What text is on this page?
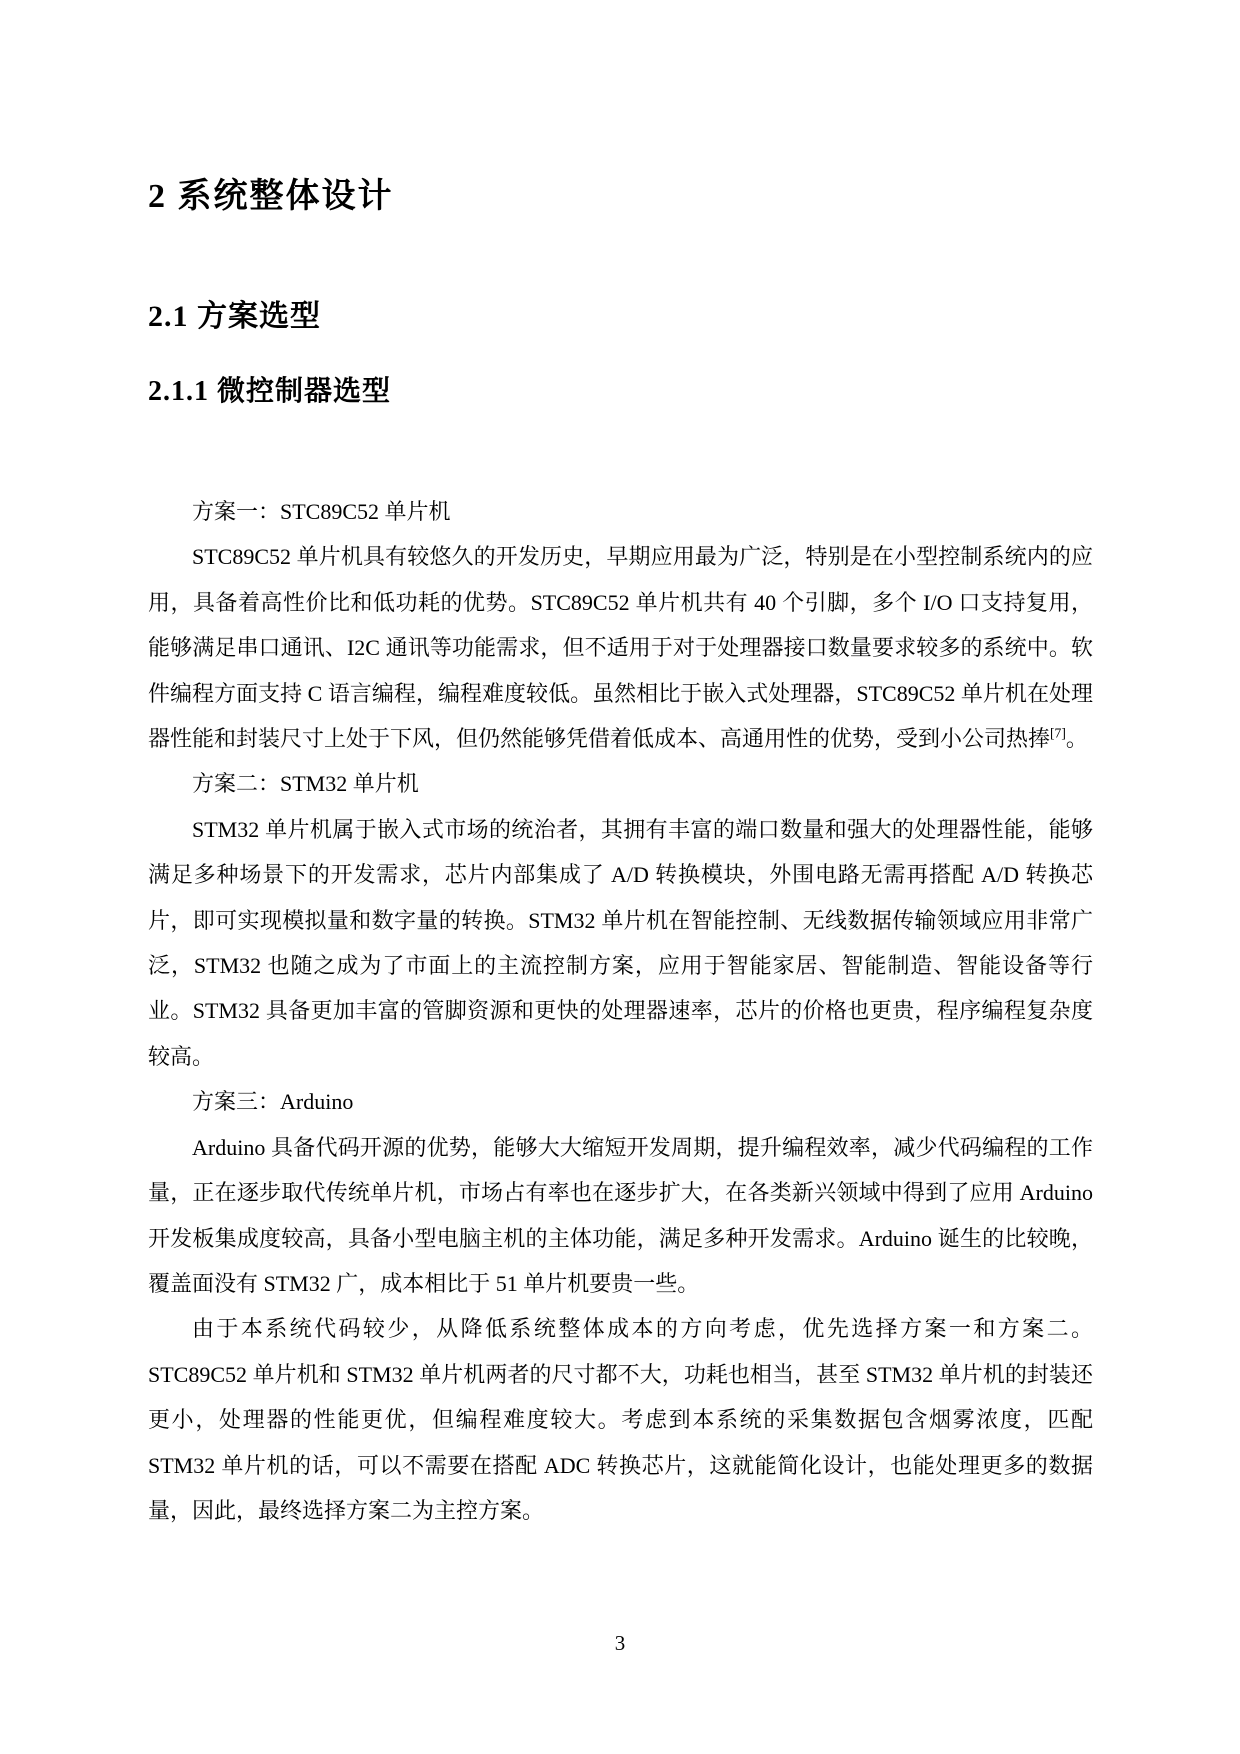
2 系统整体设计
2.1 方案选型
2.1.1 微控制器选型

方案一：STC89C52 单片机

STC89C52 单片机具有较悠久的开发历史，早期应用最为广泛，特别是在小型控制系统内的应用，具备着高性价比和低功耗的优势。STC89C52 单片机共有 40 个引脚，多个 I/O 口支持复用，能够满足串口通讯、I2C 通讯等功能需求，但不适用于对于处理器接口数量要求较多的系统中。软件编程方面支持 C 语言编程，编程难度较低。虽然相比于嵌入式处理器，STC89C52 单片机在处理器性能和封装尺寸上处于下风，但仍然能够凭借着低成本、高通用性的优势，受到小公司热捧[7]。

方案二：STM32 单片机

STM32 单片机属于嵌入式市场的统治者，其拥有丰富的端口数量和强大的处理器性能，能够满足多种场景下的开发需求，芯片内部集成了 A/D 转换模块，外围电路无需再搭配 A/D 转换芯片，即可实现模拟量和数字量的转换。STM32 单片机在智能控制、无线数据传输领域应用非常广泛，STM32 也随之成为了市面上的主流控制方案，应用于智能家居、智能制造、智能设备等行业。STM32 具备更加丰富的管脚资源和更快的处理器速率，芯片的价格也更贵，程序编程复杂度较高。

方案三：Arduino

Arduino 具备代码开源的优势，能够大大缩短开发周期，提升编程效率，减少代码编程的工作量，正在逐步取代传统单片机，市场占有率也在逐步扩大，在各类新兴领域中得到了应用 Arduino 开发板集成度较高，具备小型电脑主机的主体功能，满足多种开发需求。Arduino 诞生的比较晚，覆盖面没有 STM32 广，成本相比于 51 单片机要贵一些。

由于本系统代码较少，从降低系统整体成本的方向考虑，优先选择方案一和方案二。STC89C52 单片机和 STM32 单片机两者的尺寸都不大，功耗也相当，甚至 STM32 单片机的封装还更小，处理器的性能更优，但编程难度较大。考虑到本系统的采集数据包含烟雾浓度，匹配 STM32 单片机的话，可以不需要在搭配 ADC 转换芯片，这就能简化设计，也能处理更多的数据量，因此，最终选择方案二为主控方案。

3
